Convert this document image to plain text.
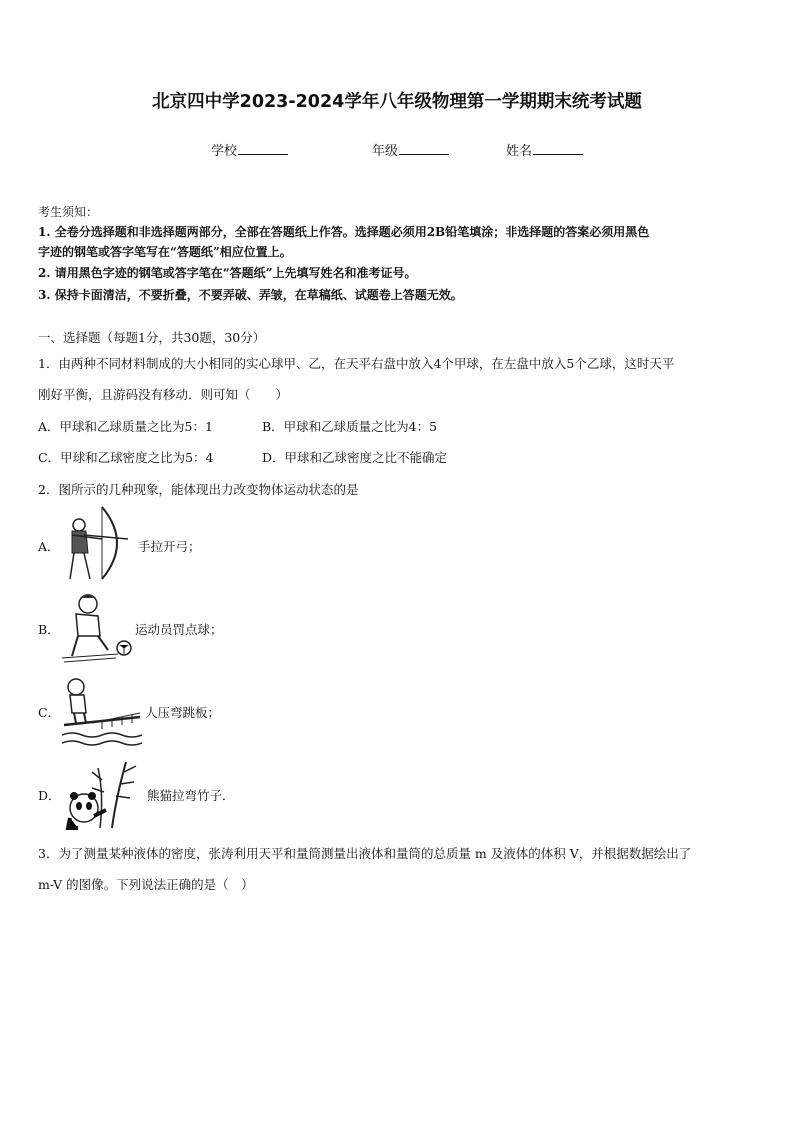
北京四中学2023-2024学年八年级物理第一学期期末统考试题
学校	年级	姓名
考生须知：
1. 全卷分选择题和非选择题两部分，全部在答题纸上作答。选择题必须用2B铅笔填涂；非选择题的答案必须用黑色
字迹的钢笔或答字笔写在“答题纸”相应位置上。
2. 请用黑色字迹的钢笔或答字笔在“答题纸”上先填写姓名和准考证号。
3. 保持卡面清洁，不要折叠，不要弄破、弄皱，在草稿纸、试题卷上答题无效。
一、选择题（每题1分，共30题，30分）
1．由两种不同材料制成的大小相同的实心球甲、乙，在天平右盘中放入4个甲球，在左盘中放入5个乙球，这时天平
刚好平衡，且游码没有移动．则可知（　　）
A．甲球和乙球质量之比为5：1	B．甲球和乙球质量之比为4：5
C．甲球和乙球密度之比为5：4	D．甲球和乙球密度之比不能确定
2．图所示的几种现象，能体现出力改变物体运动状态的是
A．	手拉开弓；
B．	运动员罚点球；
C．	人压弯跳板；
D．	熊猫拉弯竹子．
3．为了测量某种液体的密度，张涛利用天平和量筒测量出液体和量筒的总质量 m 及液体的体积 V，并根据数据绘出了
m-V 的图像。下列说法正确的是（　）
